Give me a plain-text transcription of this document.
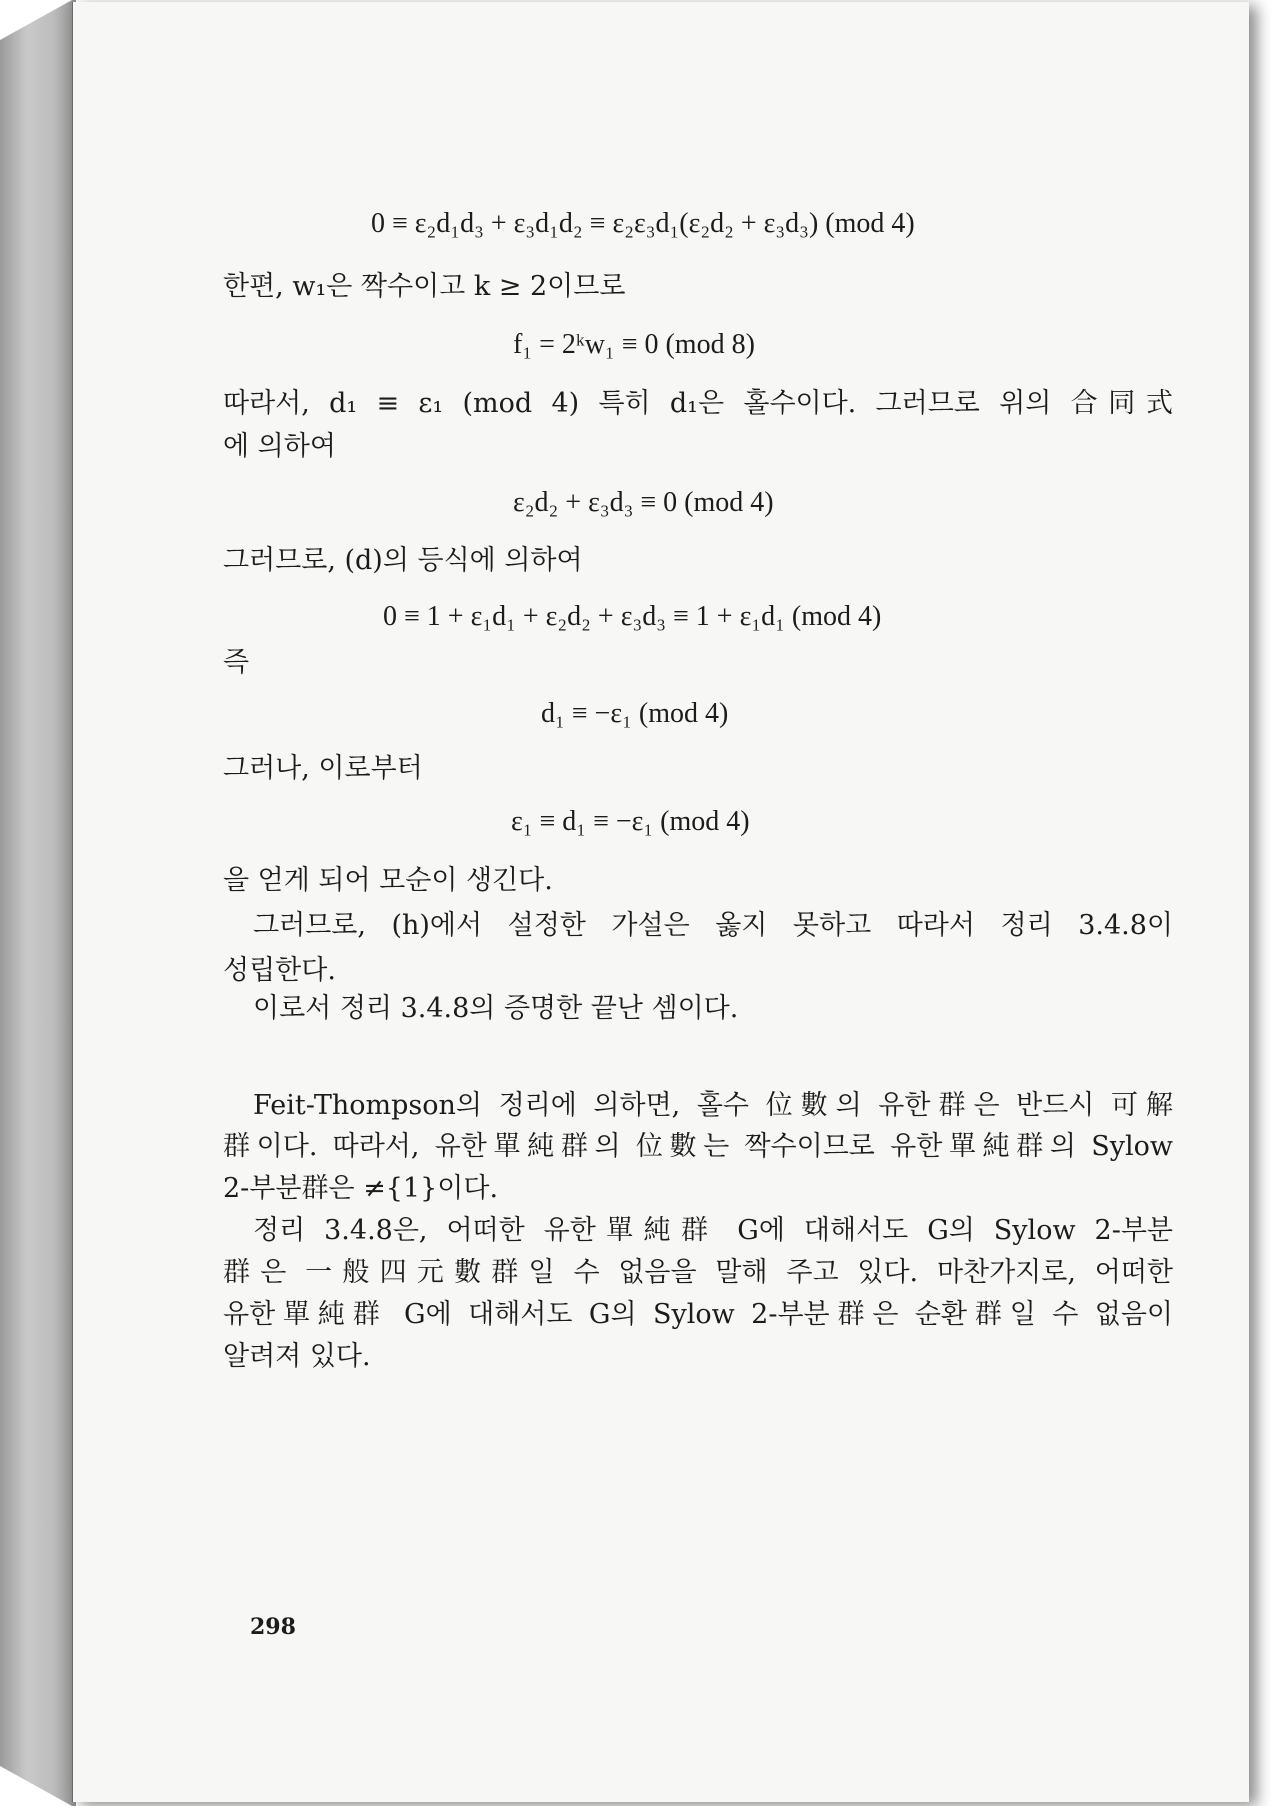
0 ≡ ε₂d₁d₃ + ε₃d₁d₂ ≡ ε₂ε₃d₁(ε₂d₂ + ε₃d₃) (mod 4)
한편, w₁은 짝수이고 k ≥ 2이므로
f₁ = 2ᵏw₁ ≡ 0 (mod 8)
따라서, d₁ ≡ ε₁ (mod 4) 특히 d₁은 홀수이다. 그러므로 위의 合同式
에 의하여
ε₂d₂ + ε₃d₃ ≡ 0 (mod 4)
그러므로, (d)의 등식에 의하여
0 ≡ 1 + ε₁d₁ + ε₂d₂ + ε₃d₃ ≡ 1 + ε₁d₁ (mod 4)
즉
d₁ ≡ −ε₁ (mod 4)
그러나, 이로부터
ε₁ ≡ d₁ ≡ −ε₁ (mod 4)
을 얻게 되어 모순이 생긴다.
그러므로, (h)에서 설정한 가설은 옳지 못하고 따라서 정리 3.4.8이
성립한다.
이로서 정리 3.4.8의 증명한 끝난 셈이다.
Feit-Thompson의 정리에 의하면, 홀수 位數의 유한群은 반드시 可解
群이다. 따라서, 유한單純群의 位數는 짝수이므로 유한單純群의 Sylow
2-부분群은 ≠{1}이다.
정리 3.4.8은, 어떠한 유한單純群 G에 대해서도 G의 Sylow 2-부분
群은 一般四元數群일 수 없음을 말해 주고 있다. 마찬가지로, 어떠한
유한單純群 G에 대해서도 G의 Sylow 2-부분群은 순환群일 수 없음이
알려져 있다.
298
